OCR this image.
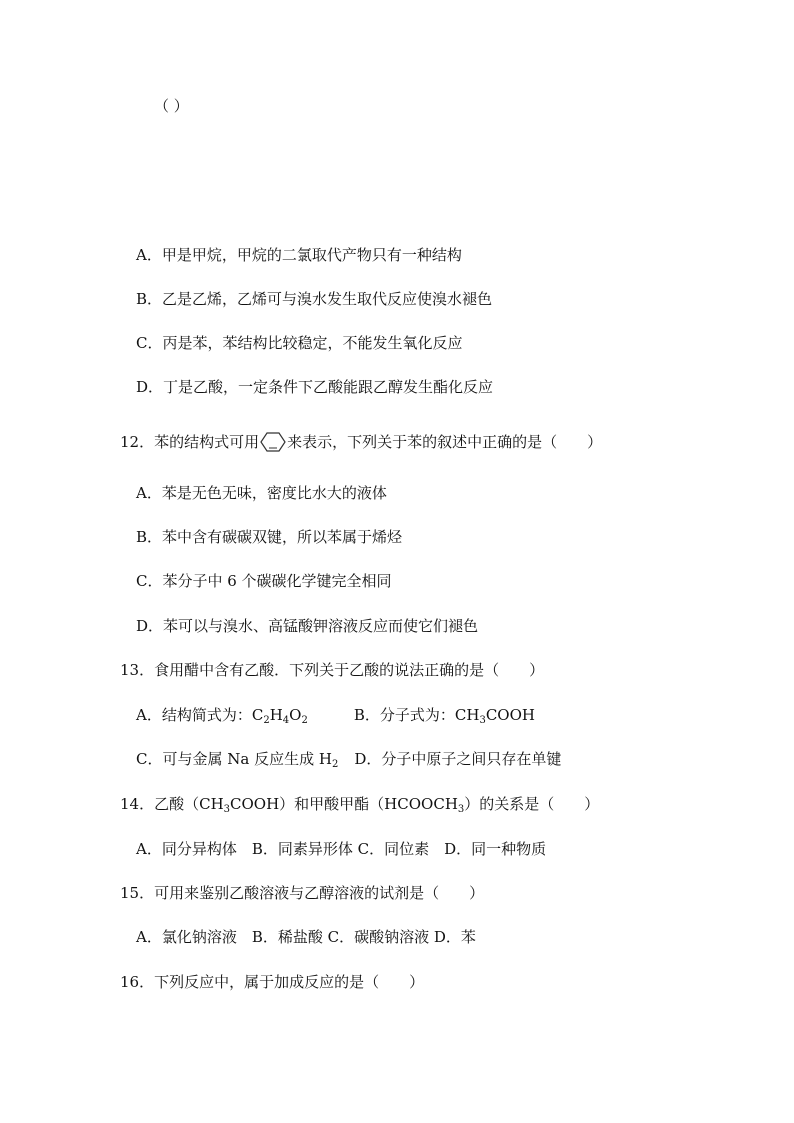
（ ）
A．甲是甲烷，甲烷的二氯取代产物只有一种结构
B．乙是乙烯，乙烯可与溴水发生取代反应使溴水褪色
C．丙是苯，苯结构比较稳定，不能发生氧化反应
D．丁是乙酸，一定条件下乙酸能跟乙醇发生酯化反应
12．苯的结构式可用 来表示，下列关于苯的叙述中正确的是（　　）
A．苯是无色无味，密度比水大的液体
B．苯中含有碳碳双键，所以苯属于烯烃
C．苯分子中 6 个碳碳化学键完全相同
D．苯可以与溴水、高锰酸钾溶液反应而使它们褪色
13．食用醋中含有乙酸．下列关于乙酸的说法正确的是（　　）
A．结构简式为：$C_2H_4O_2$	B．分子式为：$CH_3COOH$
C．可与金属 Na 反应生成 $H_2$ D．分子中原子之间只存在单键
14．乙酸$(CH_3COOH)$和甲酸甲酯$(HCOOCH_3)$的关系是（　　）
A．同分异构体　B．同素异形体 C．同位素　D．同一种物质
15．可用来鉴别乙酸溶液与乙醇溶液的试剂是（　　）
A．氯化钠溶液　B．稀盐酸 C．碳酸钠溶液 D．苯
16．下列反应中，属于加成反应的是（　　）
